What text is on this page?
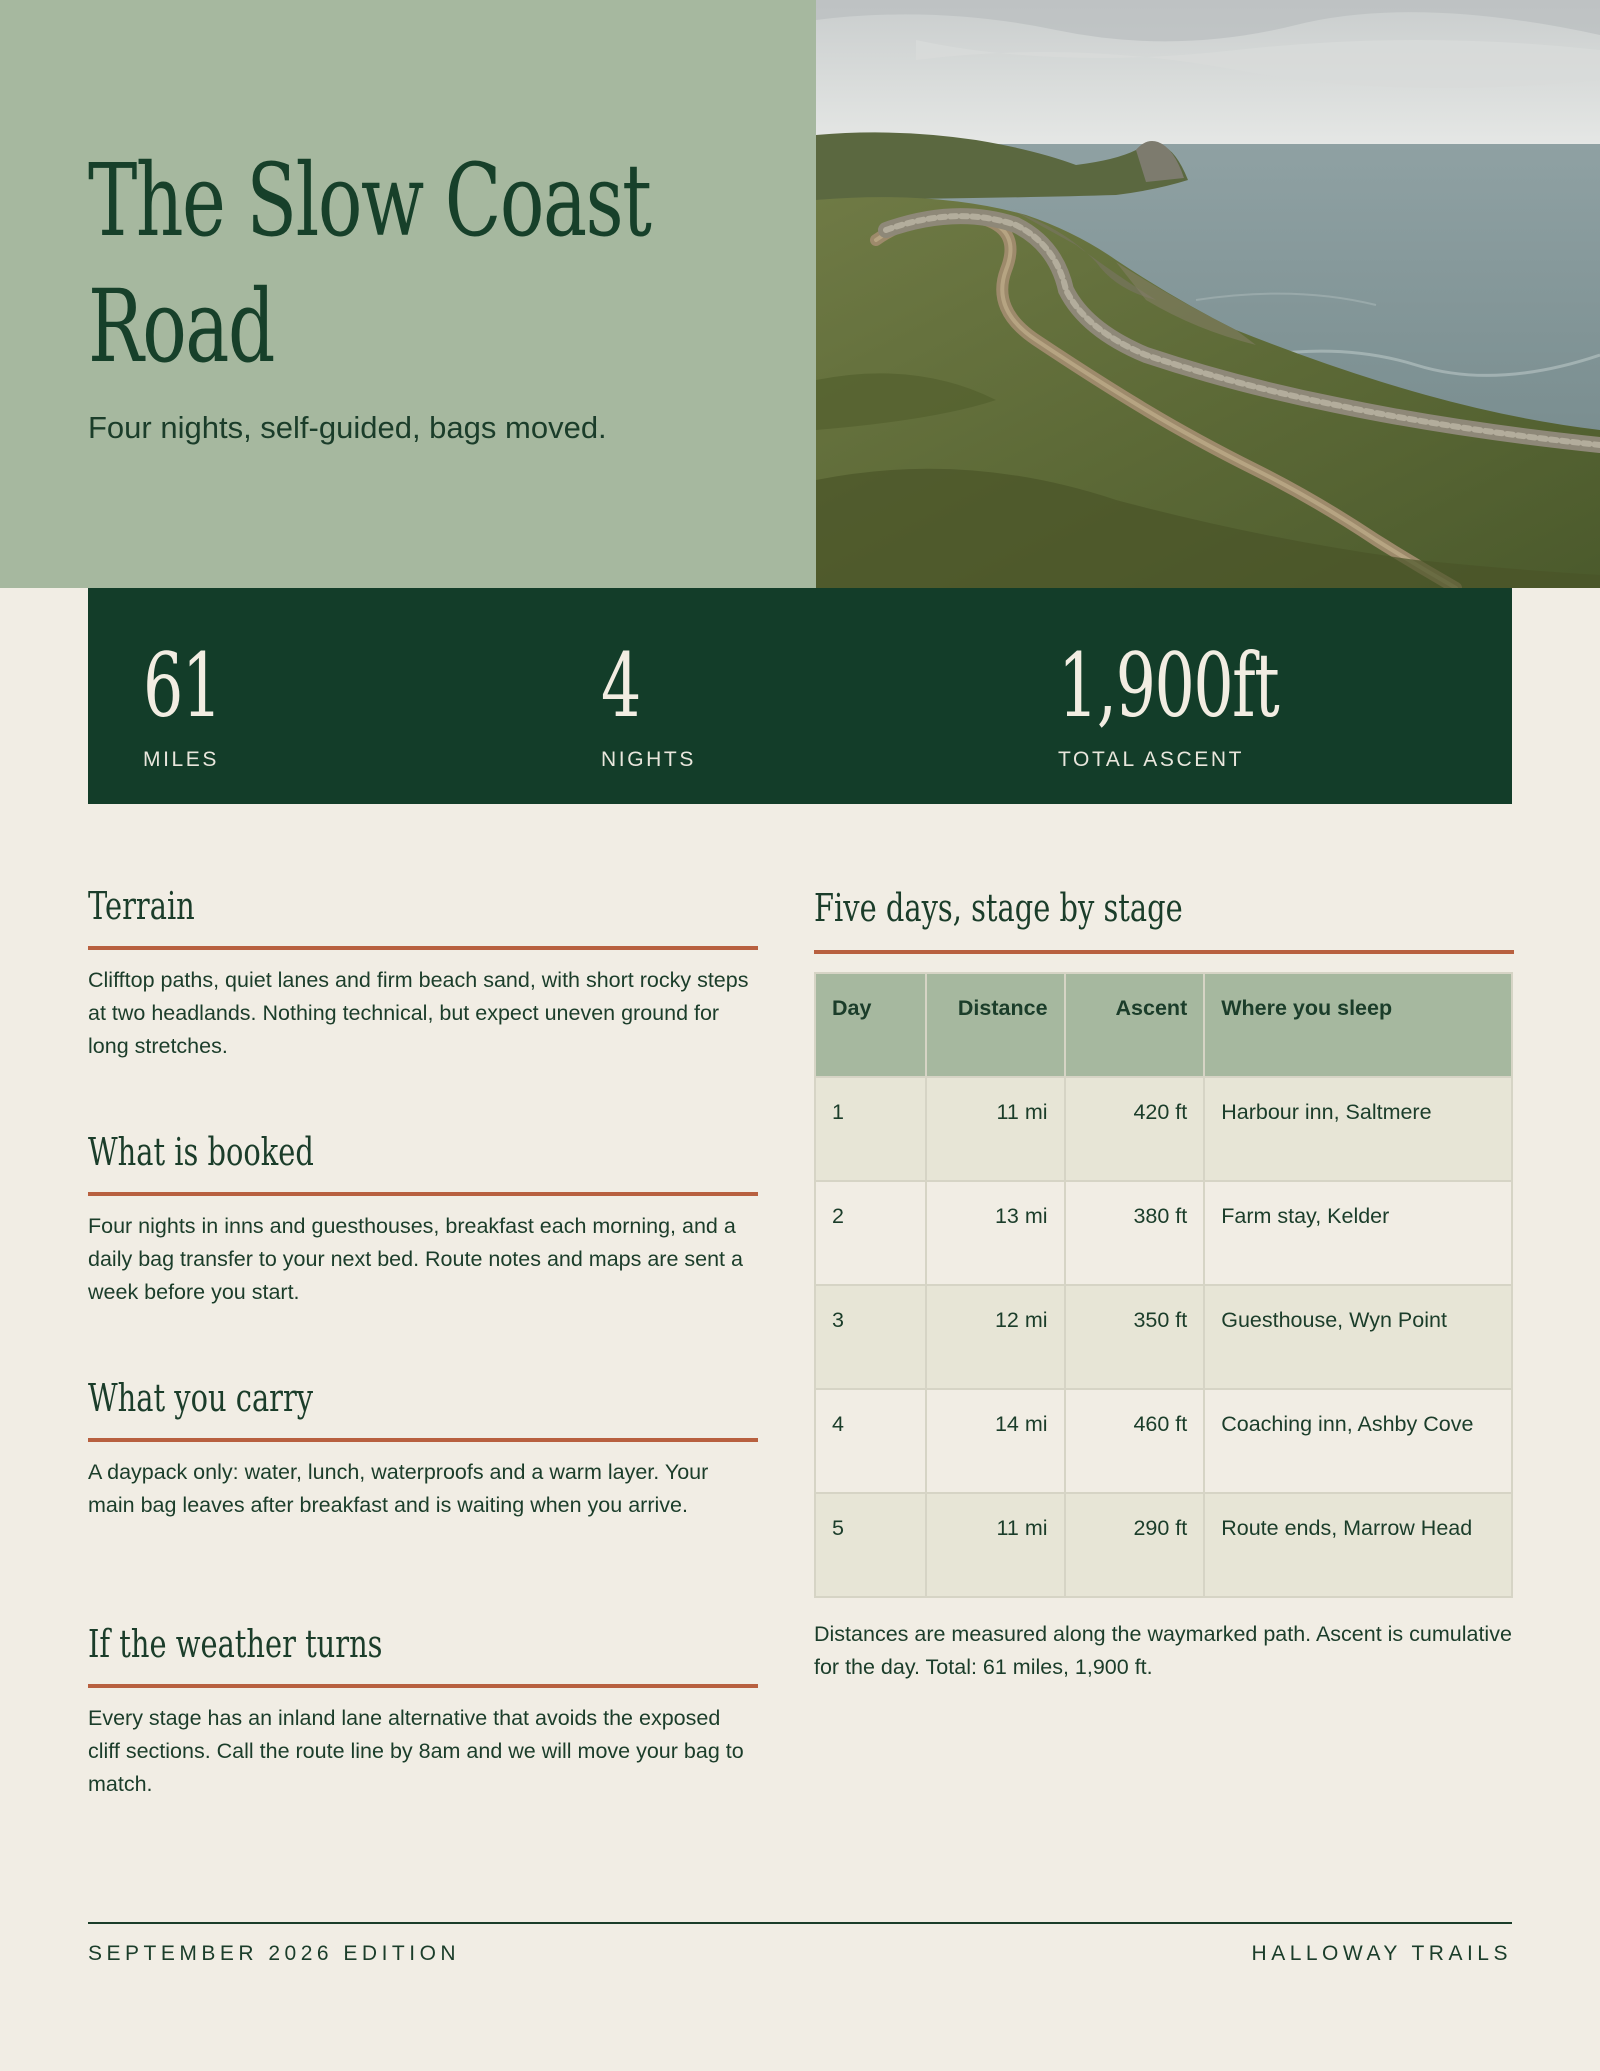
The Slow Coast
Road

Four nights, self-guided, bags moved.

61
MILES
4
NIGHTS
1,900ft
TOTAL ASCENT
Terrain

Clifftop paths, quiet lanes and firm beach sand, with short rocky steps at two headlands. Nothing technical, but expect uneven ground for long stretches.

What is booked

Four nights in inns and guesthouses, breakfast each morning, and a daily bag transfer to your next bed. Route notes and maps are sent a week before you start.

What you carry

A daypack only: water, lunch, waterproofs and a warm layer. Your main bag leaves after breakfast and is waiting when you arrive.

If the weather turns

Every stage has an inland lane alternative that avoids the exposed cliff sections. Call the route line by 8am and we will move your bag to match.

Five days, stage by stage
Day	Distance	Ascent	Where you sleep
1	11 mi	420 ft	Harbour inn, Saltmere
2	13 mi	380 ft	Farm stay, Kelder
3	12 mi	350 ft	Guesthouse, Wyn Point
4	14 mi	460 ft	Coaching inn, Ashby Cove
5	11 mi	290 ft	Route ends, Marrow Head

Distances are measured along the waymarked path. Ascent is cumulative for the day. Total: 61 miles, 1,900 ft.

SEPTEMBER 2026 EDITION	HALLOWAY TRAILS
